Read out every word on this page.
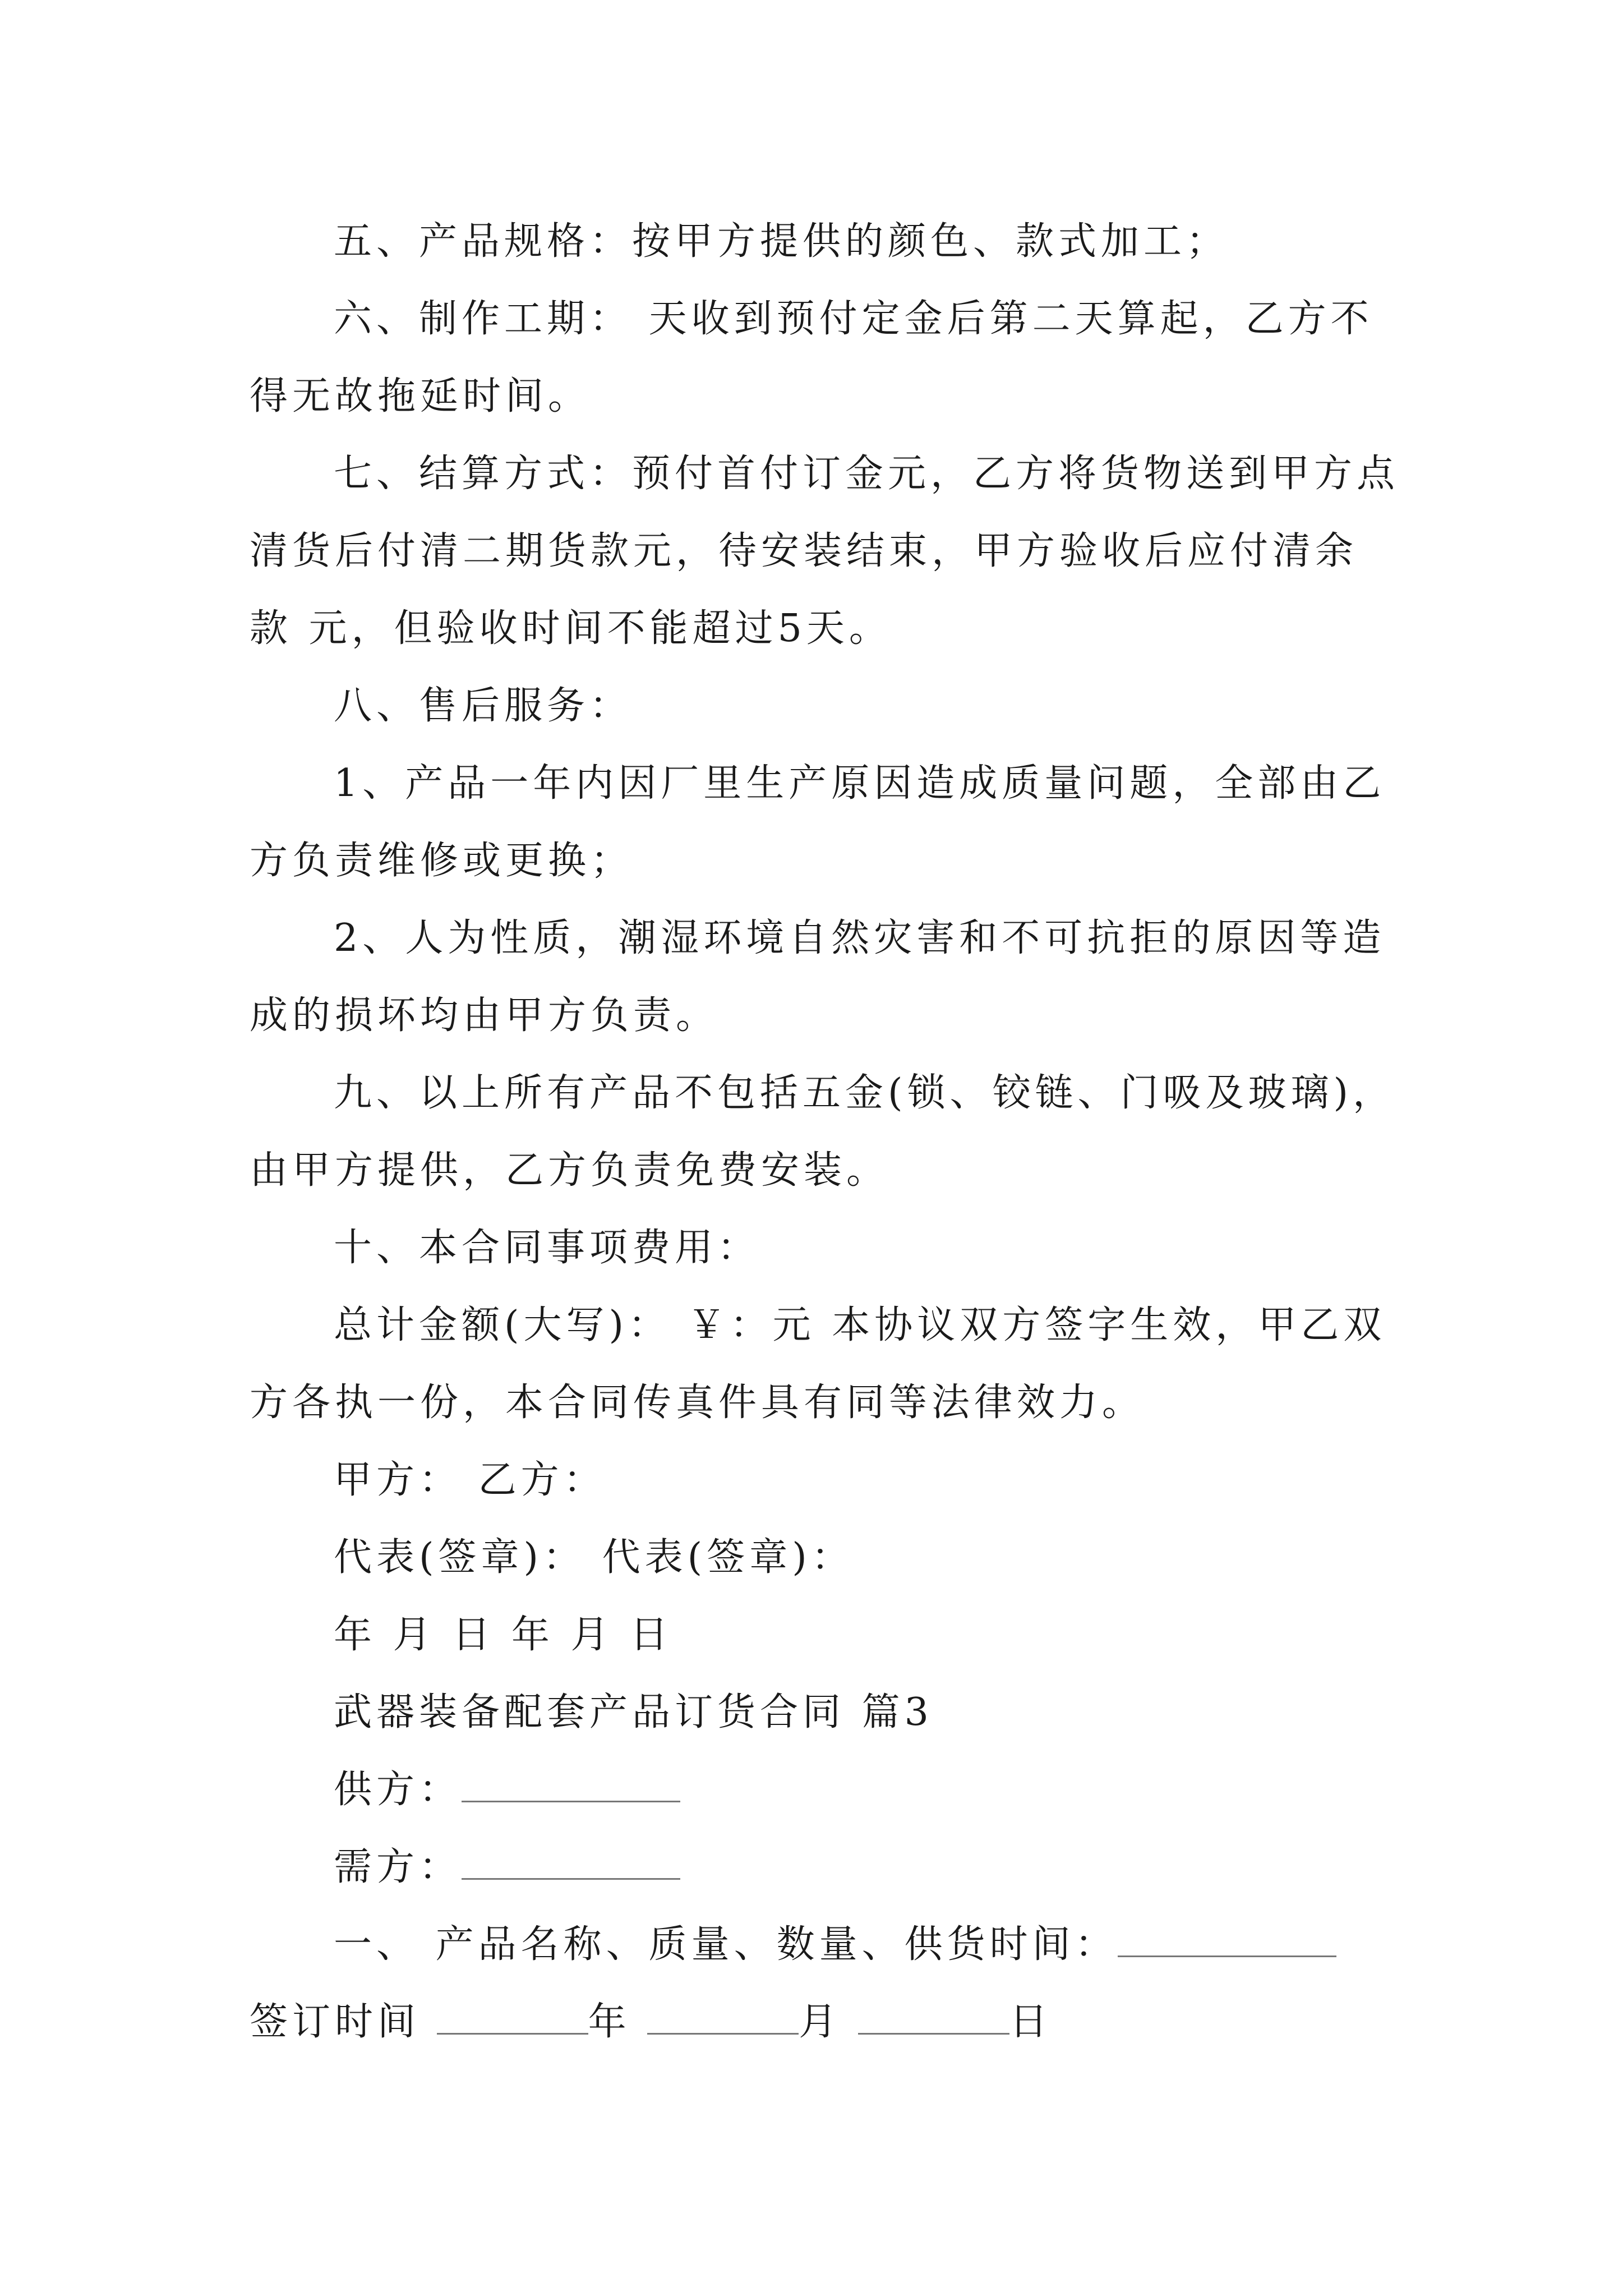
五、产品规格：按甲方提供的颜色、款式加工；

六、制作工期： 天收到预付定金后第二天算起，乙方不得无故拖延时间。

七、结算方式：预付首付订金元，乙方将货物送到甲方点清货后付清二期货款元，待安装结束，甲方验收后应付清余款 元，但验收时间不能超过5天。

八、售后服务：

1、产品一年内因厂里生产原因造成质量问题，全部由乙方负责维修或更换；

2、人为性质，潮湿环境自然灾害和不可抗拒的原因等造成的损坏均由甲方负责。

九、以上所有产品不包括五金(锁、铰链、门吸及玻璃)，由甲方提供，乙方负责免费安装。

十、本合同事项费用：

总计金额(大写)： ￥：元 本协议双方签字生效，甲乙双方各执一份，本合同传真件具有同等法律效力。

甲方： 乙方：

代表(签章)： 代表(签章)：

年 月 日 年 月 日

武器装备配套产品订货合同 篇3

供方：

需方：

一、 产品名称、质量、数量、供货时间：

签订时间	年	月	日
